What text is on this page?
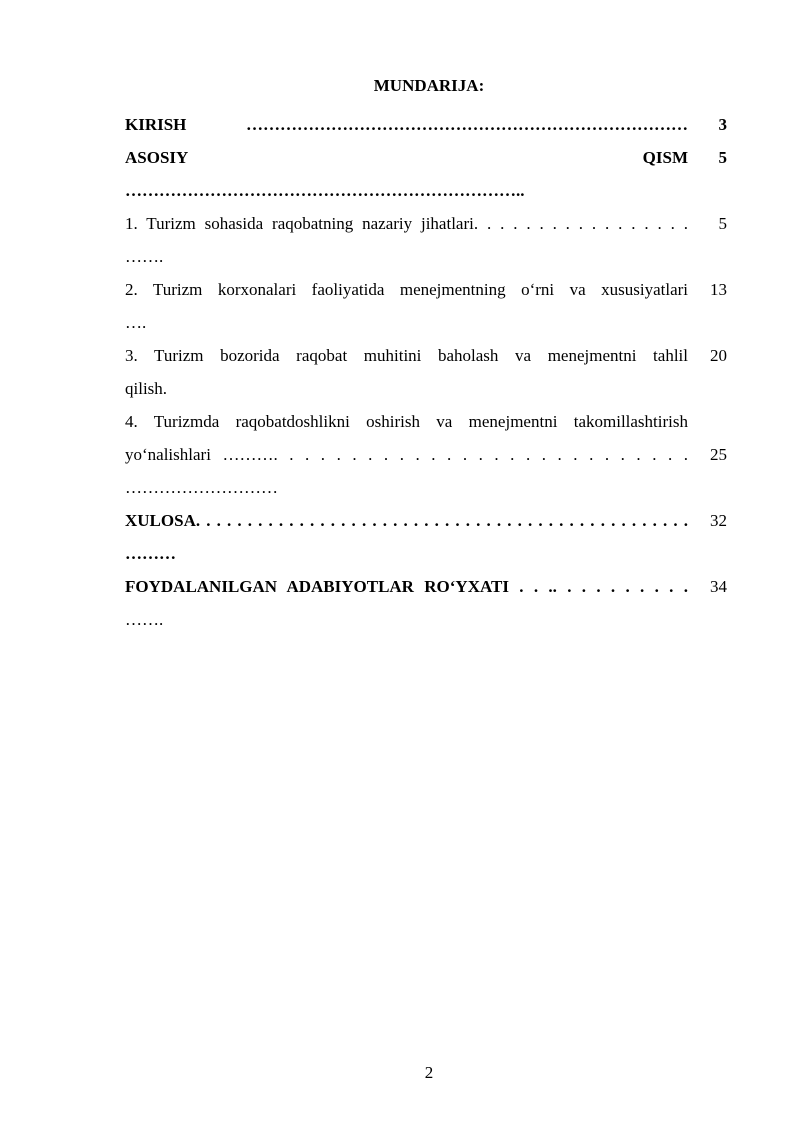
MUNDARIJA:
3
KIRISH ……………………………………………………………………
5
ASOSIY QISM
……………………………………………………………..
5
1. Turizm sohasida raqobatning nazariy jihatlari. . . . . . . . . . . . . . . . .
…….
13
2. Turizm korxonalari faoliyatida menejmentning oʻrni va xususiyatlari
….
20
3. Turizm bozorida raqobat muhitini baholash va menejmentni tahlil
qilish.
25
4. Turizmda raqobatdoshlikni oshirish va menejmentni takomillashtirish
yoʻnalishlari ………. . . . . . . . . . . . . . . . . . . . . . . . . . .
………………………
32
XULOSA. . . . . . . . . . . . . . . . . . . . . . . . . . . . . . . . . . . . . . . . . . . . . . . .
………
34
FOYDALANILGAN ADABIYOTLAR ROʻYXATI . . .. . . . . . . . . .
…….
2
